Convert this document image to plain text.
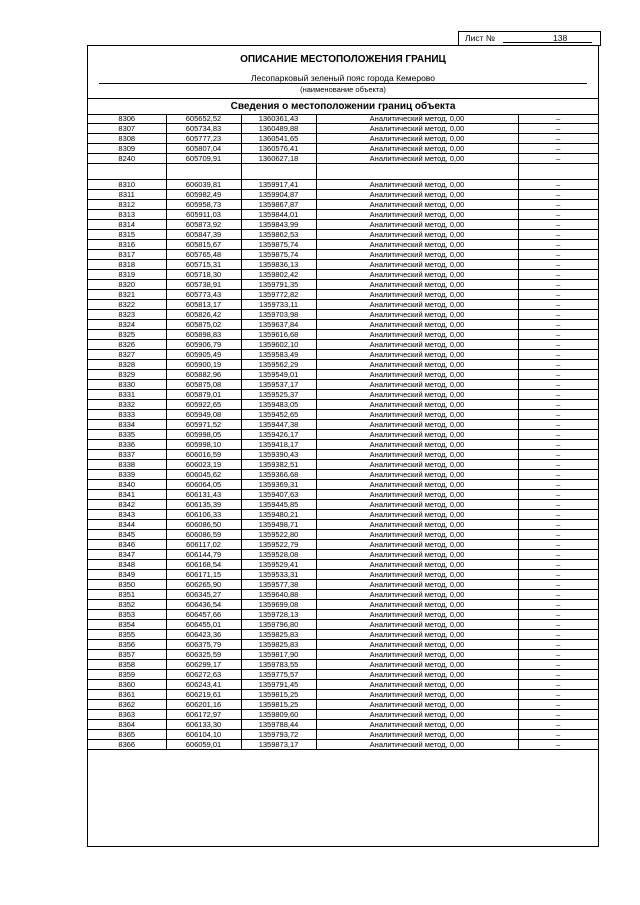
Лист №	138
ОПИСАНИЕ МЕСТОПОЛОЖЕНИЯ ГРАНИЦ
Лесопарковый зеленый пояс города Кемерово
(наименование объекта)
Сведения о местоположении границ объекта
8306	605652,52	1360361,43	Аналитический метод, 0,00	–
8307	605734,83	1360489,88	Аналитический метод, 0,00	–
8308	605777,23	1360541,65	Аналитический метод, 0,00	–
8309	605807,04	1360576,41	Аналитический метод, 0,00	–
8240	605709,91	1360627,18	Аналитический метод, 0,00	–

8310	606039,81	1359917,41	Аналитический метод, 0,00	–
8311	605982,49	1359904,87	Аналитический метод, 0,00	–
8312	605958,73	1359867,87	Аналитический метод, 0,00	–
8313	605911,03	1359844,01	Аналитический метод, 0,00	–
8314	605873,92	1359843,99	Аналитический метод, 0,00	–
8315	605847,39	1359862,53	Аналитический метод, 0,00	–
8316	605815,67	1359875,74	Аналитический метод, 0,00	–
8317	605765,48	1359875,74	Аналитический метод, 0,00	–
8318	605715,31	1359836,13	Аналитический метод, 0,00	–
8319	605718,30	1359802,42	Аналитический метод, 0,00	–
8320	605738,91	1359791,35	Аналитический метод, 0,00	–
8321	605773,43	1359772,82	Аналитический метод, 0,00	–
8322	605813,17	1359733,11	Аналитический метод, 0,00	–
8323	605826,42	1359703,98	Аналитический метод, 0,00	–
8324	605875,02	1359637,84	Аналитический метод, 0,00	–
8325	605898,83	1359616,68	Аналитический метод, 0,00	–
8326	605906,79	1359602,10	Аналитический метод, 0,00	–
8327	605905,49	1359583,49	Аналитический метод, 0,00	–
8328	605900,19	1359562,29	Аналитический метод, 0,00	–
8329	605882,96	1359549,01	Аналитический метод, 0,00	–
8330	605875,08	1359537,17	Аналитический метод, 0,00	–
8331	605879,01	1359525,37	Аналитический метод, 0,00	–
8332	605922,65	1359483,05	Аналитический метод, 0,00	–
8333	605949,08	1359452,65	Аналитический метод, 0,00	–
8334	605971,52	1359447,38	Аналитический метод, 0,00	–
8335	605998,05	1359426,17	Аналитический метод, 0,00	–
8336	605998,10	1359418,17	Аналитический метод, 0,00	–
8337	606016,59	1359390,43	Аналитический метод, 0,00	–
8338	606023,19	1359382,51	Аналитический метод, 0,00	–
8339	606045,62	1359366,68	Аналитический метод, 0,00	–
8340	606064,05	1359369,31	Аналитический метод, 0,00	–
8341	606131,43	1359407,63	Аналитический метод, 0,00	–
8342	606135,39	1359445,85	Аналитический метод, 0,00	–
8343	606106,33	1359480,21	Аналитический метод, 0,00	–
8344	606086,50	1359498,71	Аналитический метод, 0,00	–
8345	606086,59	1359522,80	Аналитический метод, 0,00	–
8346	606117,02	1359522,79	Аналитический метод, 0,00	–
8347	606144,79	1359528,08	Аналитический метод, 0,00	–
8348	606168,54	1359529,41	Аналитический метод, 0,00	–
8349	606171,15	1359533,31	Аналитический метод, 0,00	–
8350	606265,90	1359577,38	Аналитический метод, 0,00	–
8351	606345,27	1359640,88	Аналитический метод, 0,00	–
8352	606436,54	1359699,08	Аналитический метод, 0,00	–
8353	606457,66	1359728,13	Аналитический метод, 0,00	–
8354	606455,01	1359796,80	Аналитический метод, 0,00	–
8355	606423,36	1359825,83	Аналитический метод, 0,00	–
8356	606375,79	1359825,83	Аналитический метод, 0,00	–
8357	606325,59	1359817,90	Аналитический метод, 0,00	–
8358	606299,17	1359783,55	Аналитический метод, 0,00	–
8359	606272,63	1359775,57	Аналитический метод, 0,00	–
8360	606243,41	1359791,45	Аналитический метод, 0,00	–
8361	606219,61	1359815,25	Аналитический метод, 0,00	–
8362	606201,16	1359815,25	Аналитический метод, 0,00	–
8363	606172,97	1359809,60	Аналитический метод, 0,00	–
8364	606133,30	1359788,44	Аналитический метод, 0,00	–
8365	606104,10	1359793,72	Аналитический метод, 0,00	–
8366	606059,01	1359873,17	Аналитический метод, 0,00	–
